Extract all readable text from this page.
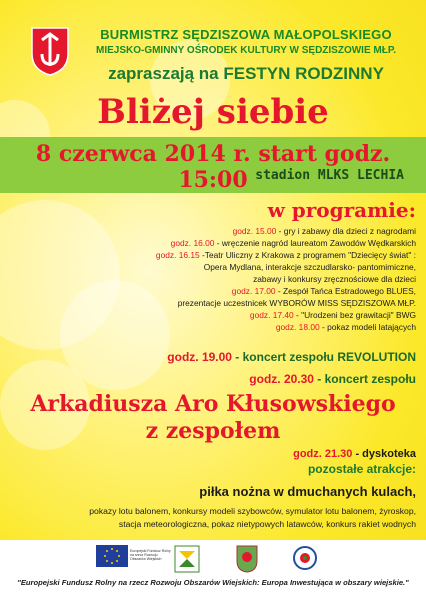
BURMISTRZ SĘDZISZOWA MAŁOPOLSKIEGO
MIEJSKO-GMINNY OŚRODEK KULTURY W SĘDZISZOWIE MŁP.
zapraszają na FESTYN RODZINNY
Bliżej siebie
8 czerwca 2014 r. start godz. 15:00 stadion MLKS LECHIA
w programie:
godz. 15.00 - gry i zabawy dla dzieci z nagrodami
godz. 16.00 - wręczenie nagród laureatom Zawodów Wędkarskich
godz. 16.15 -Teatr Uliczny z Krakowa z programem "Dziecięcy świat" :
Opera Mydlana, interakcje szczudlarsko- pantomimiczne,
zabawy i konkursy zręcznościowe dla dzieci
godz. 17.00 - Zespół Tańca Estradowego BLUES,
prezentacje uczestnicek WYBORÓW MISS SĘDZISZOWA MŁP.
godz. 17.40 - "Urodzeni bez grawitacji" BWG
godz. 18.00 - pokaz modeli latających
godz. 19.00 - koncert zespołu REVOLUTION
godz. 20.30 - koncert zespołu
Arkadiusza Aro Kłusowskiego
z zespołem
godz. 21.30 - dyskoteka
pozostałe atrakcje:
piłka nożna w dmuchanych kulach,
pokazy lotu balonem, konkursy modeli szybowców, symulator lotu balonem, żyroskop,
stacja meteorologiczna, pokaz nietypowych latawców, konkurs rakiet wodnych
Europejski Fundusz Rolny na rzecz Rozwoju Obszarów Wiejskich
"Europejski Fundusz Rolny na rzecz Rozwoju Obszarów Wiejskich: Europa Inwestująca w obszary wiejskie."
